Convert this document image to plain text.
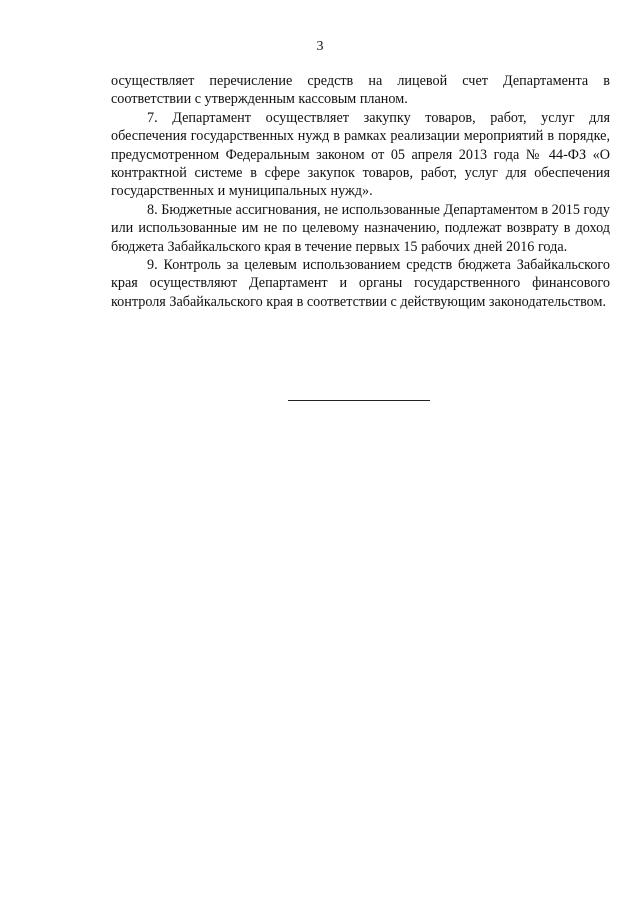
3

осуществляет перечисление средств на лицевой счет Департамента в соответствии с утвержденным кассовым планом.

7. Департамент осуществляет закупку товаров, работ, услуг для обеспечения государственных нужд в рамках реализации мероприятий в порядке, предусмотренном Федеральным законом от 05 апреля 2013 года № 44-ФЗ «О контрактной системе в сфере закупок товаров, работ, услуг для обеспечения государственных и муниципальных нужд».

8. Бюджетные ассигнования, не использованные Департаментом в 2015 году или использованные им не по целевому назначению, подлежат возврату в доход бюджета Забайкальского края в течение первых 15 рабочих дней 2016 года.

9. Контроль за целевым использованием средств бюджета Забайкальского края осуществляют Департамент и органы государственного финансового контроля Забайкальского края в соответствии с действующим законодательством.
